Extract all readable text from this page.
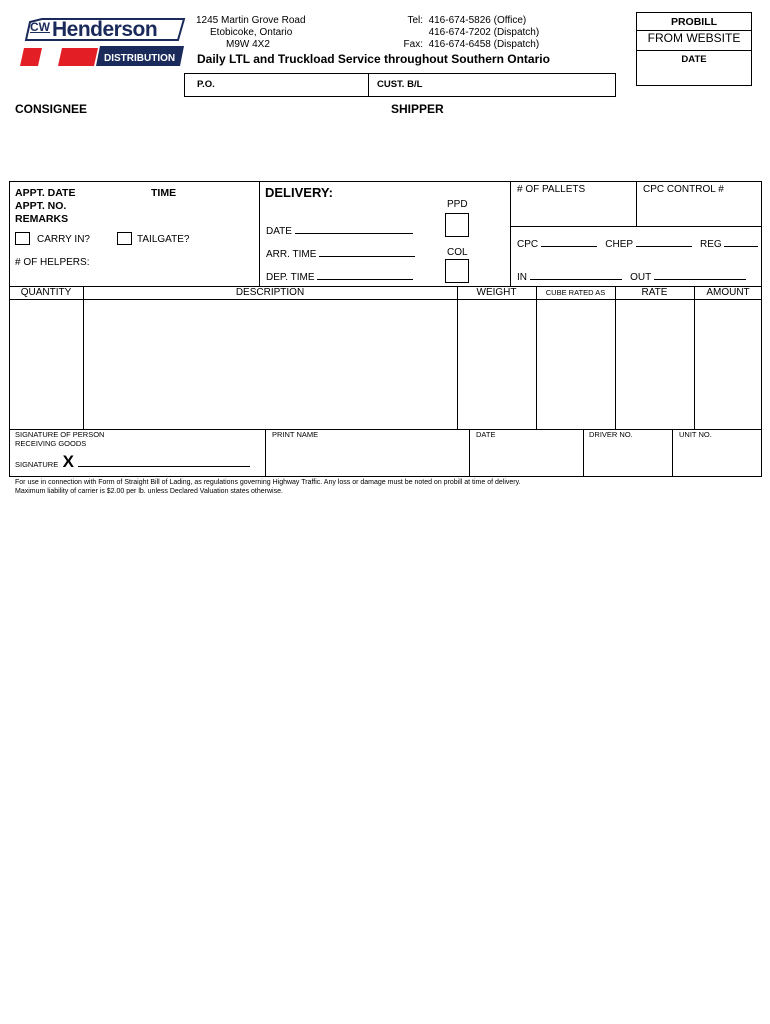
CW Henderson
DISTRIBUTION
1245 Martin Grove Road
Etobicoke, Ontario
M9W 4X2
Tel: 416-674-5826 (Office)
416-674-7202 (Dispatch)
Fax: 416-674-6458 (Dispatch)
Daily LTL and Truckload Service throughout Southern Ontario
PROBILL
FROM WEBSITE
DATE
P.O.	CUST. B/L
CONSIGNEE	SHIPPER
APPT. DATE	TIME
APPT. NO.
REMARKS
CARRY IN?	TAILGATE?
# OF HELPERS:
DELIVERY:
PPD
DATE
COL
ARR. TIME
DEP. TIME
# OF PALLETS	CPC CONTROL #
CPC	CHEP	REG
IN	OUT
QUANTITY	DESCRIPTION	WEIGHT	CUBE RATED AS	RATE	AMOUNT
SIGNATURE OF PERSON RECEIVING GOODS
PRINT NAME	DATE	DRIVER NO.	UNIT NO.
SIGNATURE X
For use in connection with Form of Straight Bill of Lading, as regulations governing Highway Traffic. Any loss or damage must be noted on probill at time of delivery.
Maximum liability of carrier is $2.00 per lb. unless Declared Valuation states otherwise.
